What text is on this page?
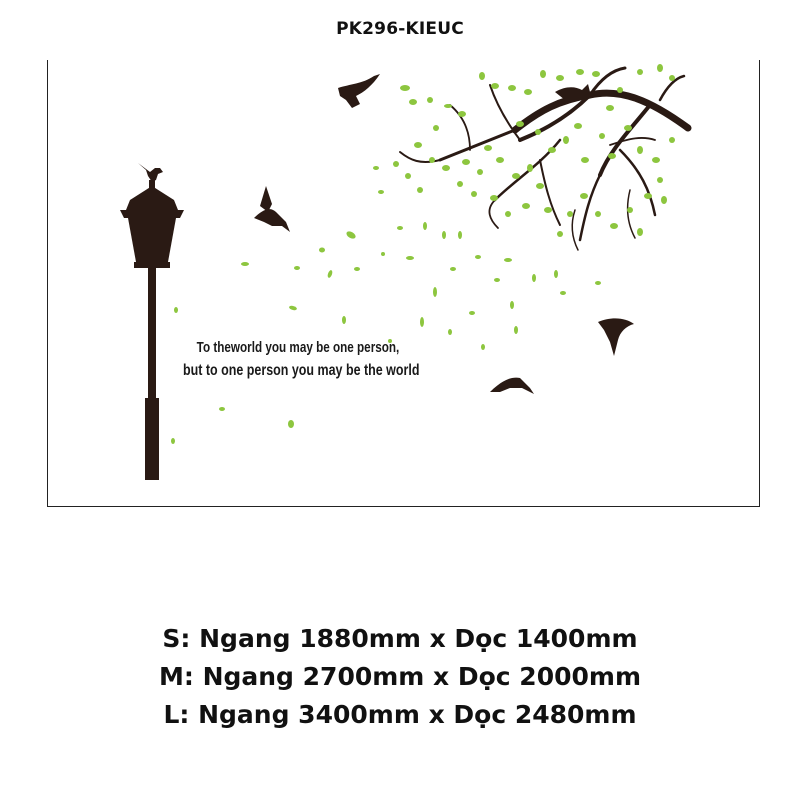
PK296-KIEUC
To theworld you may be one person,
but to one person you may be the world
S: Ngang 1880mm x Dọc 1400mm
M: Ngang 2700mm x Dọc 2000mm
L: Ngang 3400mm x Dọc 2480mm
